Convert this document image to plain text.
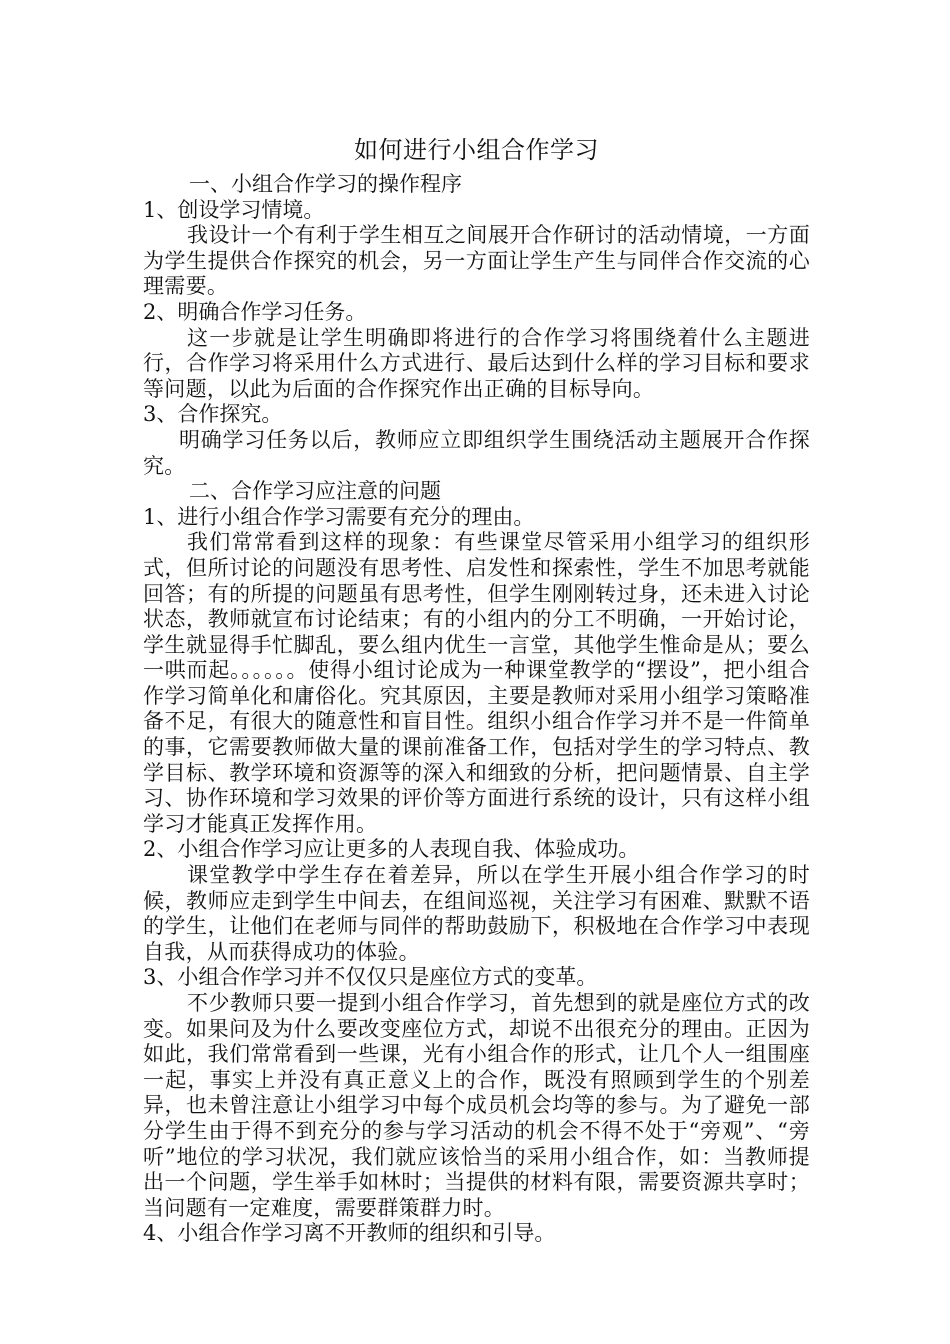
如何进行小组合作学习

一、小组合作学习的操作程序

1、创设学习情境。

我设计一个有利于学生相互之间展开合作研讨的活动情境，一方面为学生提供合作探究的机会，另一方面让学生产生与同伴合作交流的心理需要。

2、明确合作学习任务。

这一步就是让学生明确即将进行的合作学习将围绕着什么主题进行，合作学习将采用什么方式进行、最后达到什么样的学习目标和要求等问题，以此为后面的合作探究作出正确的目标导向。

3、合作探究。

明确学习任务以后，教师应立即组织学生围绕活动主题展开合作探究。

二、合作学习应注意的问题

1、进行小组合作学习需要有充分的理由。

我们常常看到这样的现象：有些课堂尽管采用小组学习的组织形式，但所讨论的问题没有思考性、启发性和探索性，学生不加思考就能回答；有的所提的问题虽有思考性，但学生刚刚转过身，还未进入讨论状态，教师就宣布讨论结束；有的小组内的分工不明确，一开始讨论，学生就显得手忙脚乱，要么组内优生一言堂，其他学生惟命是从；要么一哄而起。。。。。。使得小组讨论成为一种课堂教学的“摆设”，把小组合作学习简单化和庸俗化。究其原因，主要是教师对采用小组学习策略准备不足，有很大的随意性和盲目性。组织小组合作学习并不是一件简单的事，它需要教师做大量的课前准备工作，包括对学生的学习特点、教学目标、教学环境和资源等的深入和细致的分析，把问题情景、自主学习、协作环境和学习效果的评价等方面进行系统的设计，只有这样小组学习才能真正发挥作用。

2、小组合作学习应让更多的人表现自我、体验成功。

课堂教学中学生存在着差异，所以在学生开展小组合作学习的时候，教师应走到学生中间去，在组间巡视，关注学习有困难、默默不语的学生，让他们在老师与同伴的帮助鼓励下，积极地在合作学习中表现自我，从而获得成功的体验。

3、小组合作学习并不仅仅只是座位方式的变革。

不少教师只要一提到小组合作学习，首先想到的就是座位方式的改变。如果问及为什么要改变座位方式，却说不出很充分的理由。正因为如此，我们常常看到一些课，光有小组合作的形式，让几个人一组围座一起，事实上并没有真正意义上的合作，既没有照顾到学生的个别差异，也未曾注意让小组学习中每个成员机会均等的参与。为了避免一部分学生由于得不到充分的参与学习活动的机会不得不处于“旁观”、“旁听”地位的学习状况，我们就应该恰当的采用小组合作，如：当教师提出一个问题，学生举手如林时；当提供的材料有限，需要资源共享时；当问题有一定难度，需要群策群力时。

4、小组合作学习离不开教师的组织和引导。
